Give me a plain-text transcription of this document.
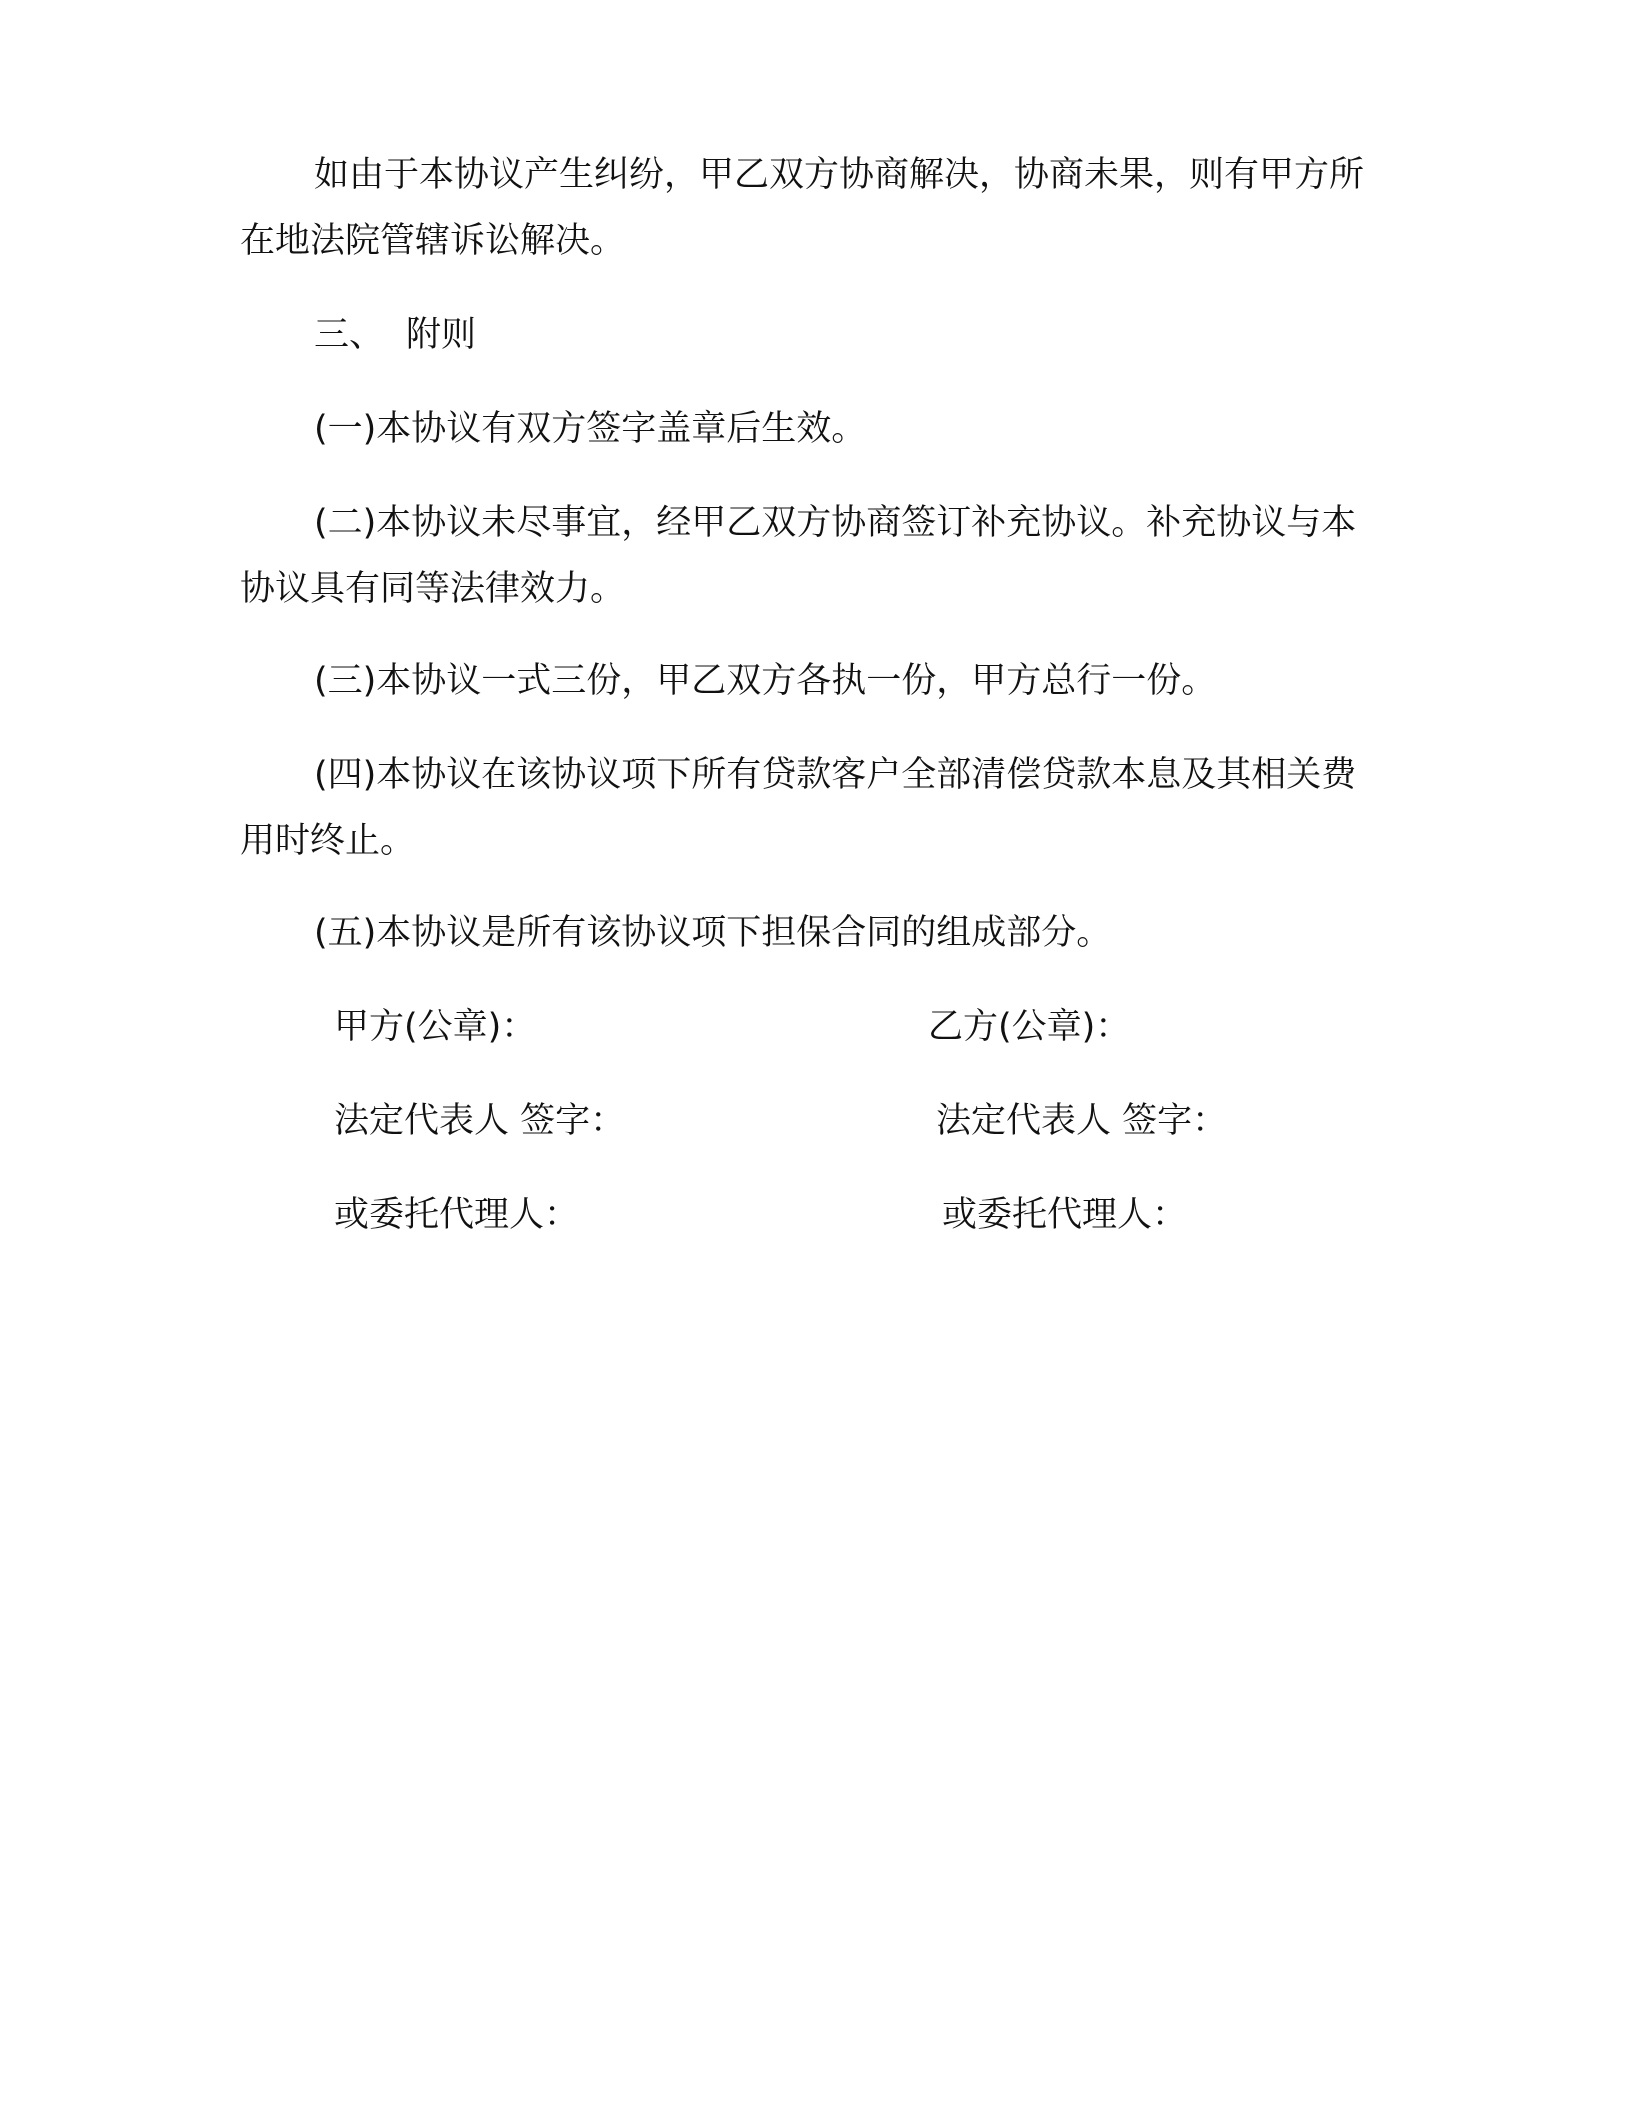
如由于本协议产生纠纷，甲乙双方协商解决，协商未果，则有甲方所在地法院管辖诉讼解决。

三、 附则

(一)本协议有双方签字盖章后生效。

(二)本协议未尽事宜，经甲乙双方协商签订补充协议。补充协议与本协议具有同等法律效力。

(三)本协议一式三份，甲乙双方各执一份，甲方总行一份。

(四)本协议在该协议项下所有贷款客户全部清偿贷款本息及其相关费用时终止。

(五)本协议是所有该协议项下担保合同的组成部分。

甲方(公章)：	乙方(公章)：
法定代表人 签字：	法定代表人 签字：
或委托代理人：	或委托代理人：
